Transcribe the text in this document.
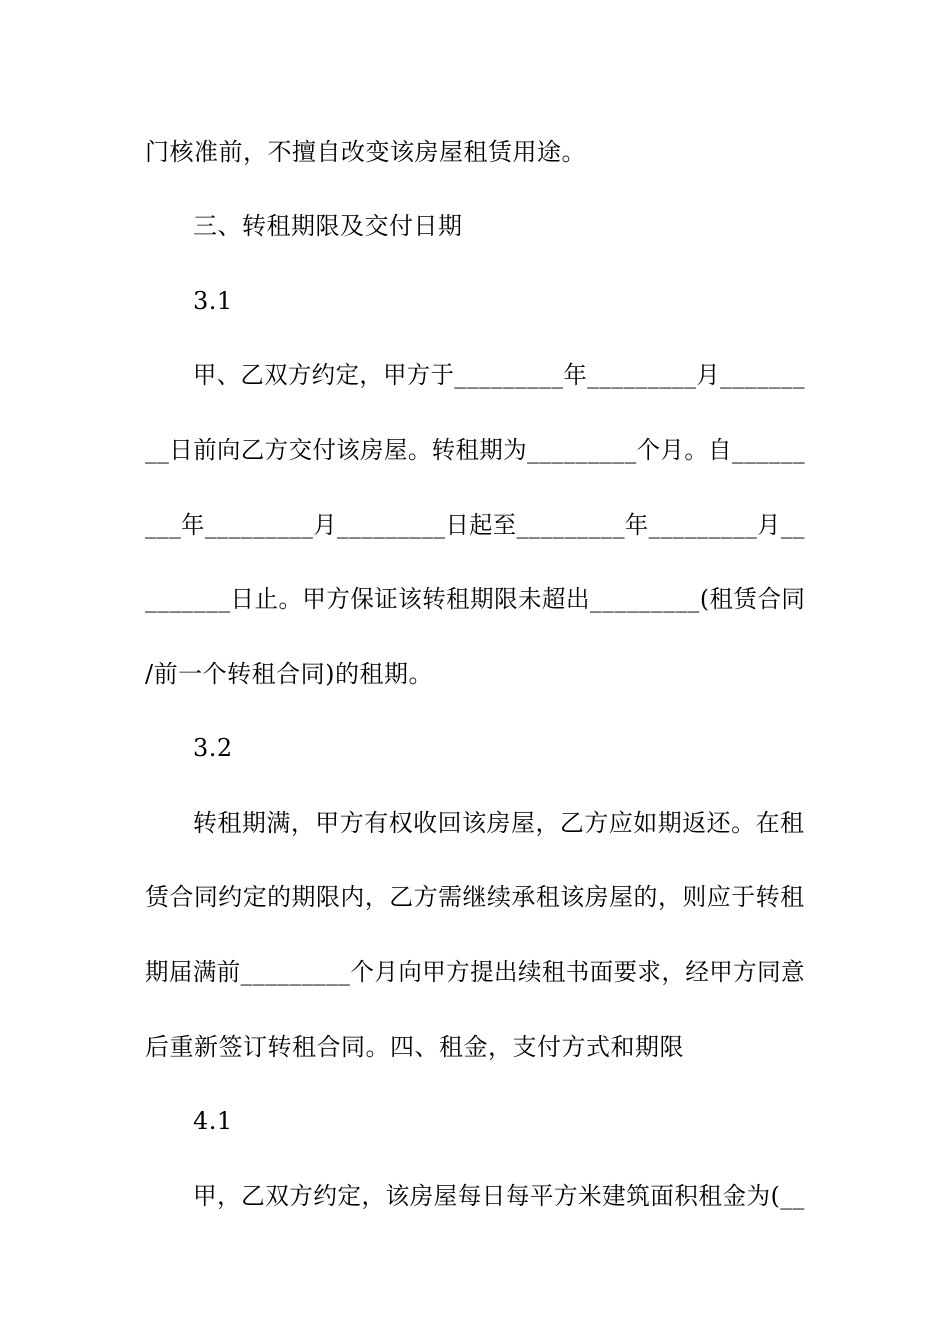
门核准前，不擅自改变该房屋租赁用途。
三、转租期限及交付日期
3.1
甲、乙双方约定，甲方于_________年_________月_______
__日前向乙方交付该房屋。转租期为_________个月。自______
___年_________月_________日起至_________年_________月__
_______日止。甲方保证该转租期限未超出_________(租赁合同
/前一个转租合同)的租期。
3.2
转租期满，甲方有权收回该房屋，乙方应如期返还。在租
赁合同约定的期限内，乙方需继续承租该房屋的，则应于转租
期届满前_________个月向甲方提出续租书面要求，经甲方同意
后重新签订转租合同。四、租金，支付方式和期限
4.1
甲，乙双方约定，该房屋每日每平方米建筑面积租金为(__
